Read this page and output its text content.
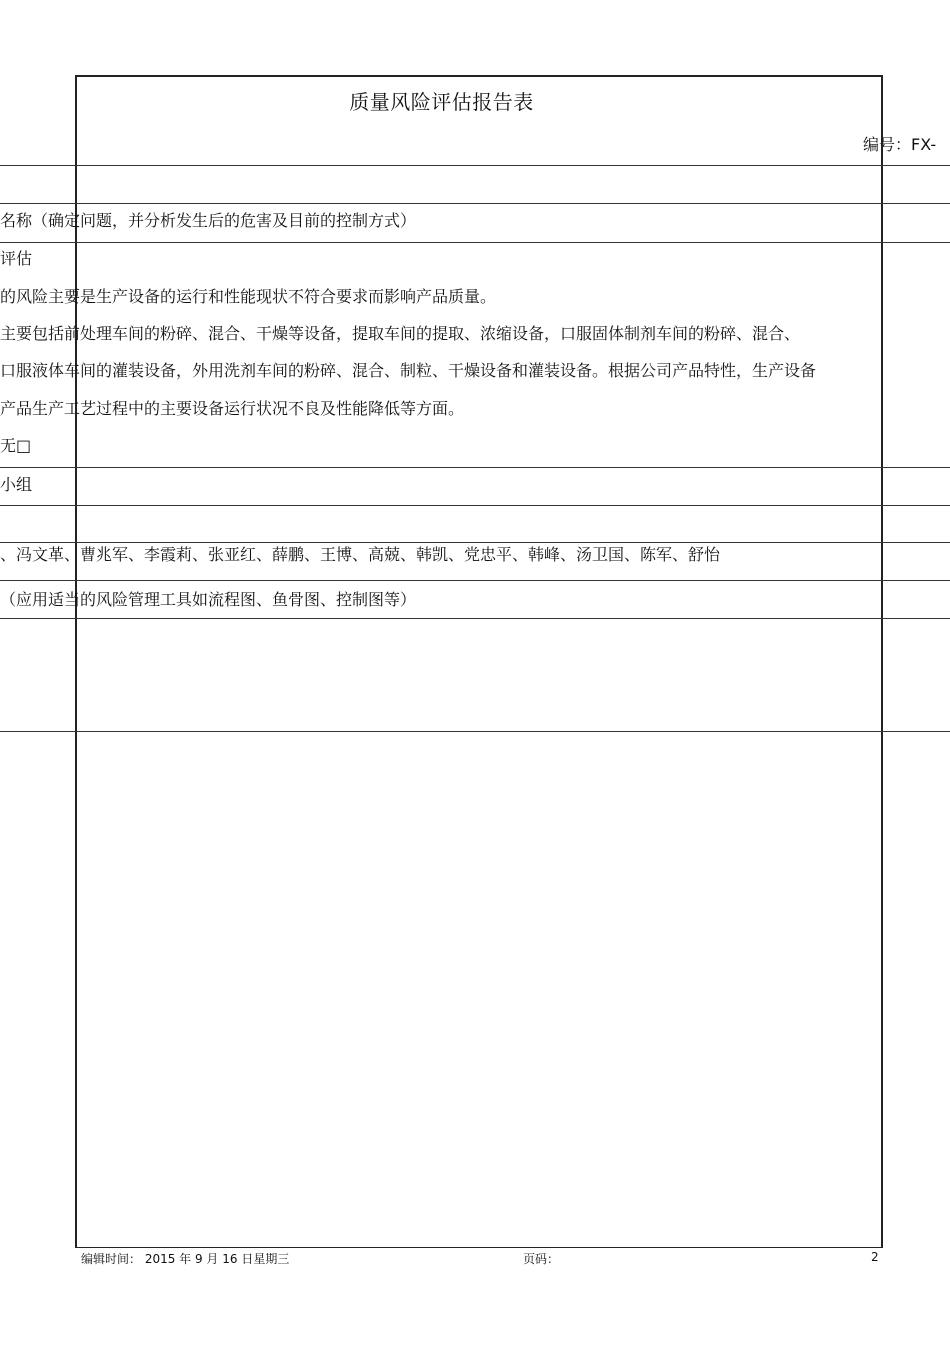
质量风险评估报告表
编号：FX-
名称（确定问题，并分析发生后的危害及目前的控制方式）
评估
的风险主要是生产设备的运行和性能现状不符合要求而影响产品质量。
主要包括前处理车间的粉碎、混合、干燥等设备，提取车间的提取、浓缩设备，口服固体制剂车间的粉碎、混合、
口服液体车间的灌装设备，外用洗剂车间的粉碎、混合、制粒、干燥设备和灌装设备。根据公司产品特性，生产设备
产品生产工艺过程中的主要设备运行状况不良及性能降低等方面。
无□
小组
、冯文革、曹兆军、李霞莉、张亚红、薛鹏、王博、高兢、韩凯、党忠平、韩峰、汤卫国、陈军、舒怡
（应用适当的风险管理工具如流程图、鱼骨图、控制图等）
编辑时间： 2015 年 9 月 16 日星期三	页码：	2
